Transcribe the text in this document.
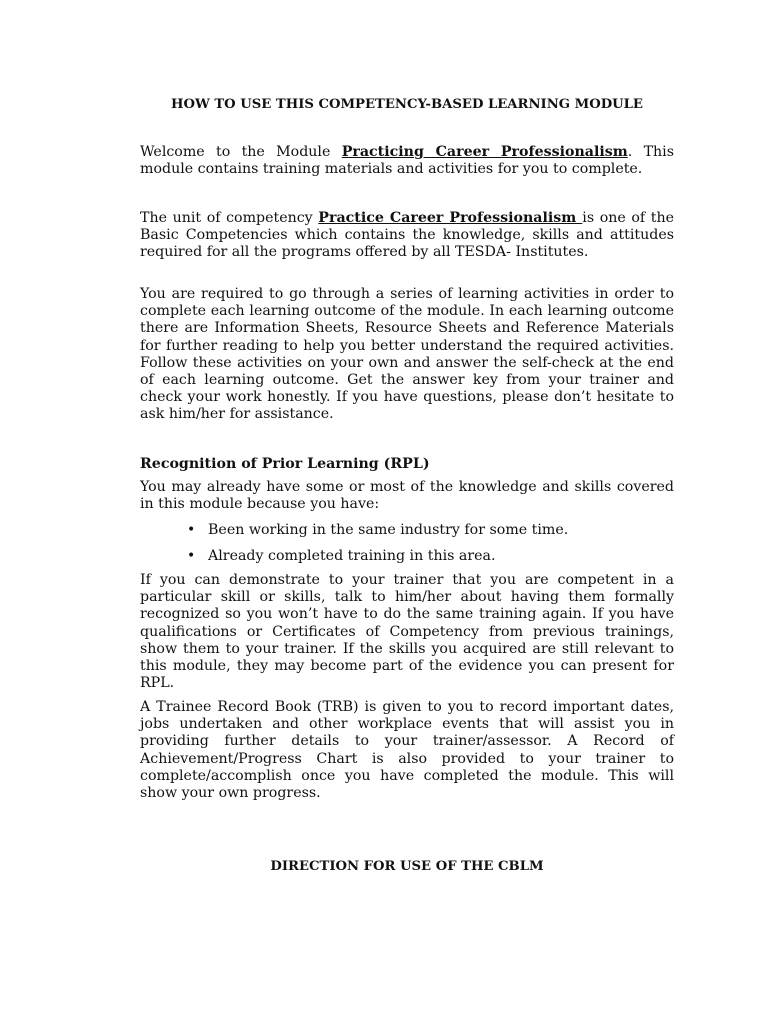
HOW TO USE THIS COMPETENCY-BASED LEARNING MODULE

Welcome to the Module Practicing Career Professionalism. This module contains training materials and activities for you to complete.

The unit of competency Practice Career Professionalism is one of the Basic Competencies which contains the knowledge, skills and attitudes required for all the programs offered by all TESDA- Institutes.

You are required to go through a series of learning activities in order to complete each learning outcome of the module. In each learning outcome there are Information Sheets, Resource Sheets and Reference Materials for further reading to help you better understand the required activities. Follow these activities on your own and answer the self-check at the end of each learning outcome. Get the answer key from your trainer and check your work honestly. If you have questions, please don’t hesitate to ask him/her for assistance.

Recognition of Prior Learning (RPL)

You may already have some or most of the knowledge and skills covered in this module because you have:

• Been working in the same industry for some time.
• Already completed training in this area.

If you can demonstrate to your trainer that you are competent in a particular skill or skills, talk to him/her about having them formally recognized so you won’t have to do the same training again. If you have qualifications or Certificates of Competency from previous trainings, show them to your trainer. If the skills you acquired are still relevant to this module, they may become part of the evidence you can present for RPL.

A Trainee Record Book (TRB) is given to you to record important dates, jobs undertaken and other workplace events that will assist you in providing further details to your trainer/assessor. A Record of Achievement/Progress Chart is also provided to your trainer to complete/accomplish once you have completed the module. This will show your own progress.

DIRECTION FOR USE OF THE CBLM
